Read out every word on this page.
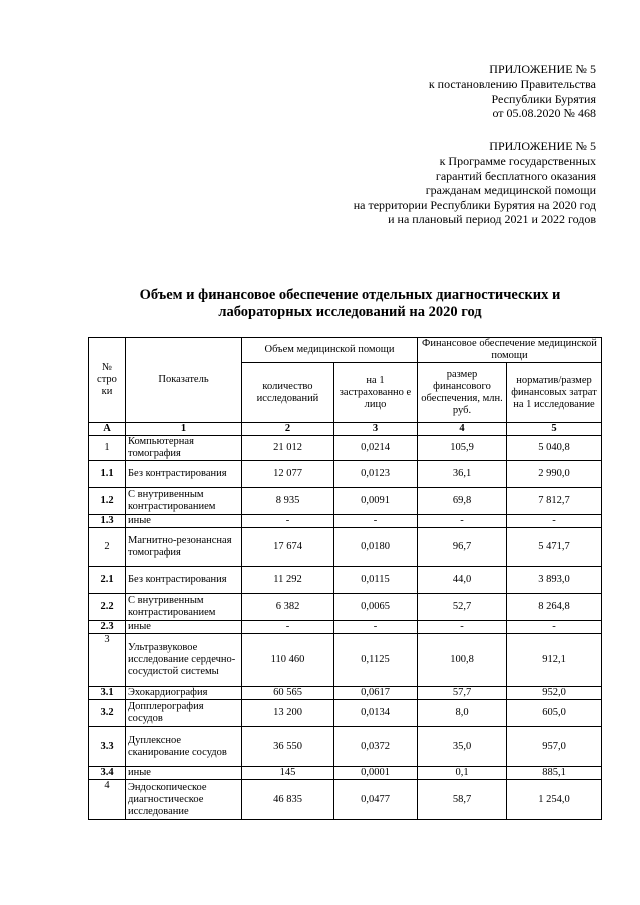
ПРИЛОЖЕНИЕ № 5
к постановлению Правительства
Республики Бурятия
от 05.08.2020 № 468
ПРИЛОЖЕНИЕ № 5
к Программе государственных
гарантий бесплатного оказания
гражданам медицинской помощи
на территории Республики Бурятия на 2020 год
и на плановый период 2021 и 2022 годов
Объем и финансовое обеспечение отдельных диагностических и
лабораторных исследований на 2020 год
№ стро ки	Показатель	Объем медицинской помощи		Финансовое обеспечение медицинской помощи	
		количество исследований	на 1 застрахованно е лицо	размер финансового обеспечения, млн. руб.	норматив/размер финансовых затрат на 1 исследование
А	1	2	3	4	5
1	Компьютерная томография	21 012	0,0214	105,9	5 040,8
1.1	Без контрастирования	12 077	0,0123	36,1	2 990,0
1.2	С внутривенным контрастированием	8 935	0,0091	69,8	7 812,7
1.3	иные	-	-	-	-
2	Магнитно-резонансная томография	17 674	0,0180	96,7	5 471,7
2.1	Без контрастирования	11 292	0,0115	44,0	3 893,0
2.2	С внутривенным контрастированием	6 382	0,0065	52,7	8 264,8
2.3	иные	-	-	-	-
3	Ультразвуковое исследование сердечно-сосудистой системы	110 460	0,1125	100,8	912,1
3.1	Эхокардиография	60 565	0,0617	57,7	952,0
3.2	Допплерография сосудов	13 200	0,0134	8,0	605,0
3.3	Дуплексное сканирование сосудов	36 550	0,0372	35,0	957,0
3.4	иные	145	0,0001	0,1	885,1
4	Эндоскопическое диагностическое исследование	46 835	0,0477	58,7	1 254,0
